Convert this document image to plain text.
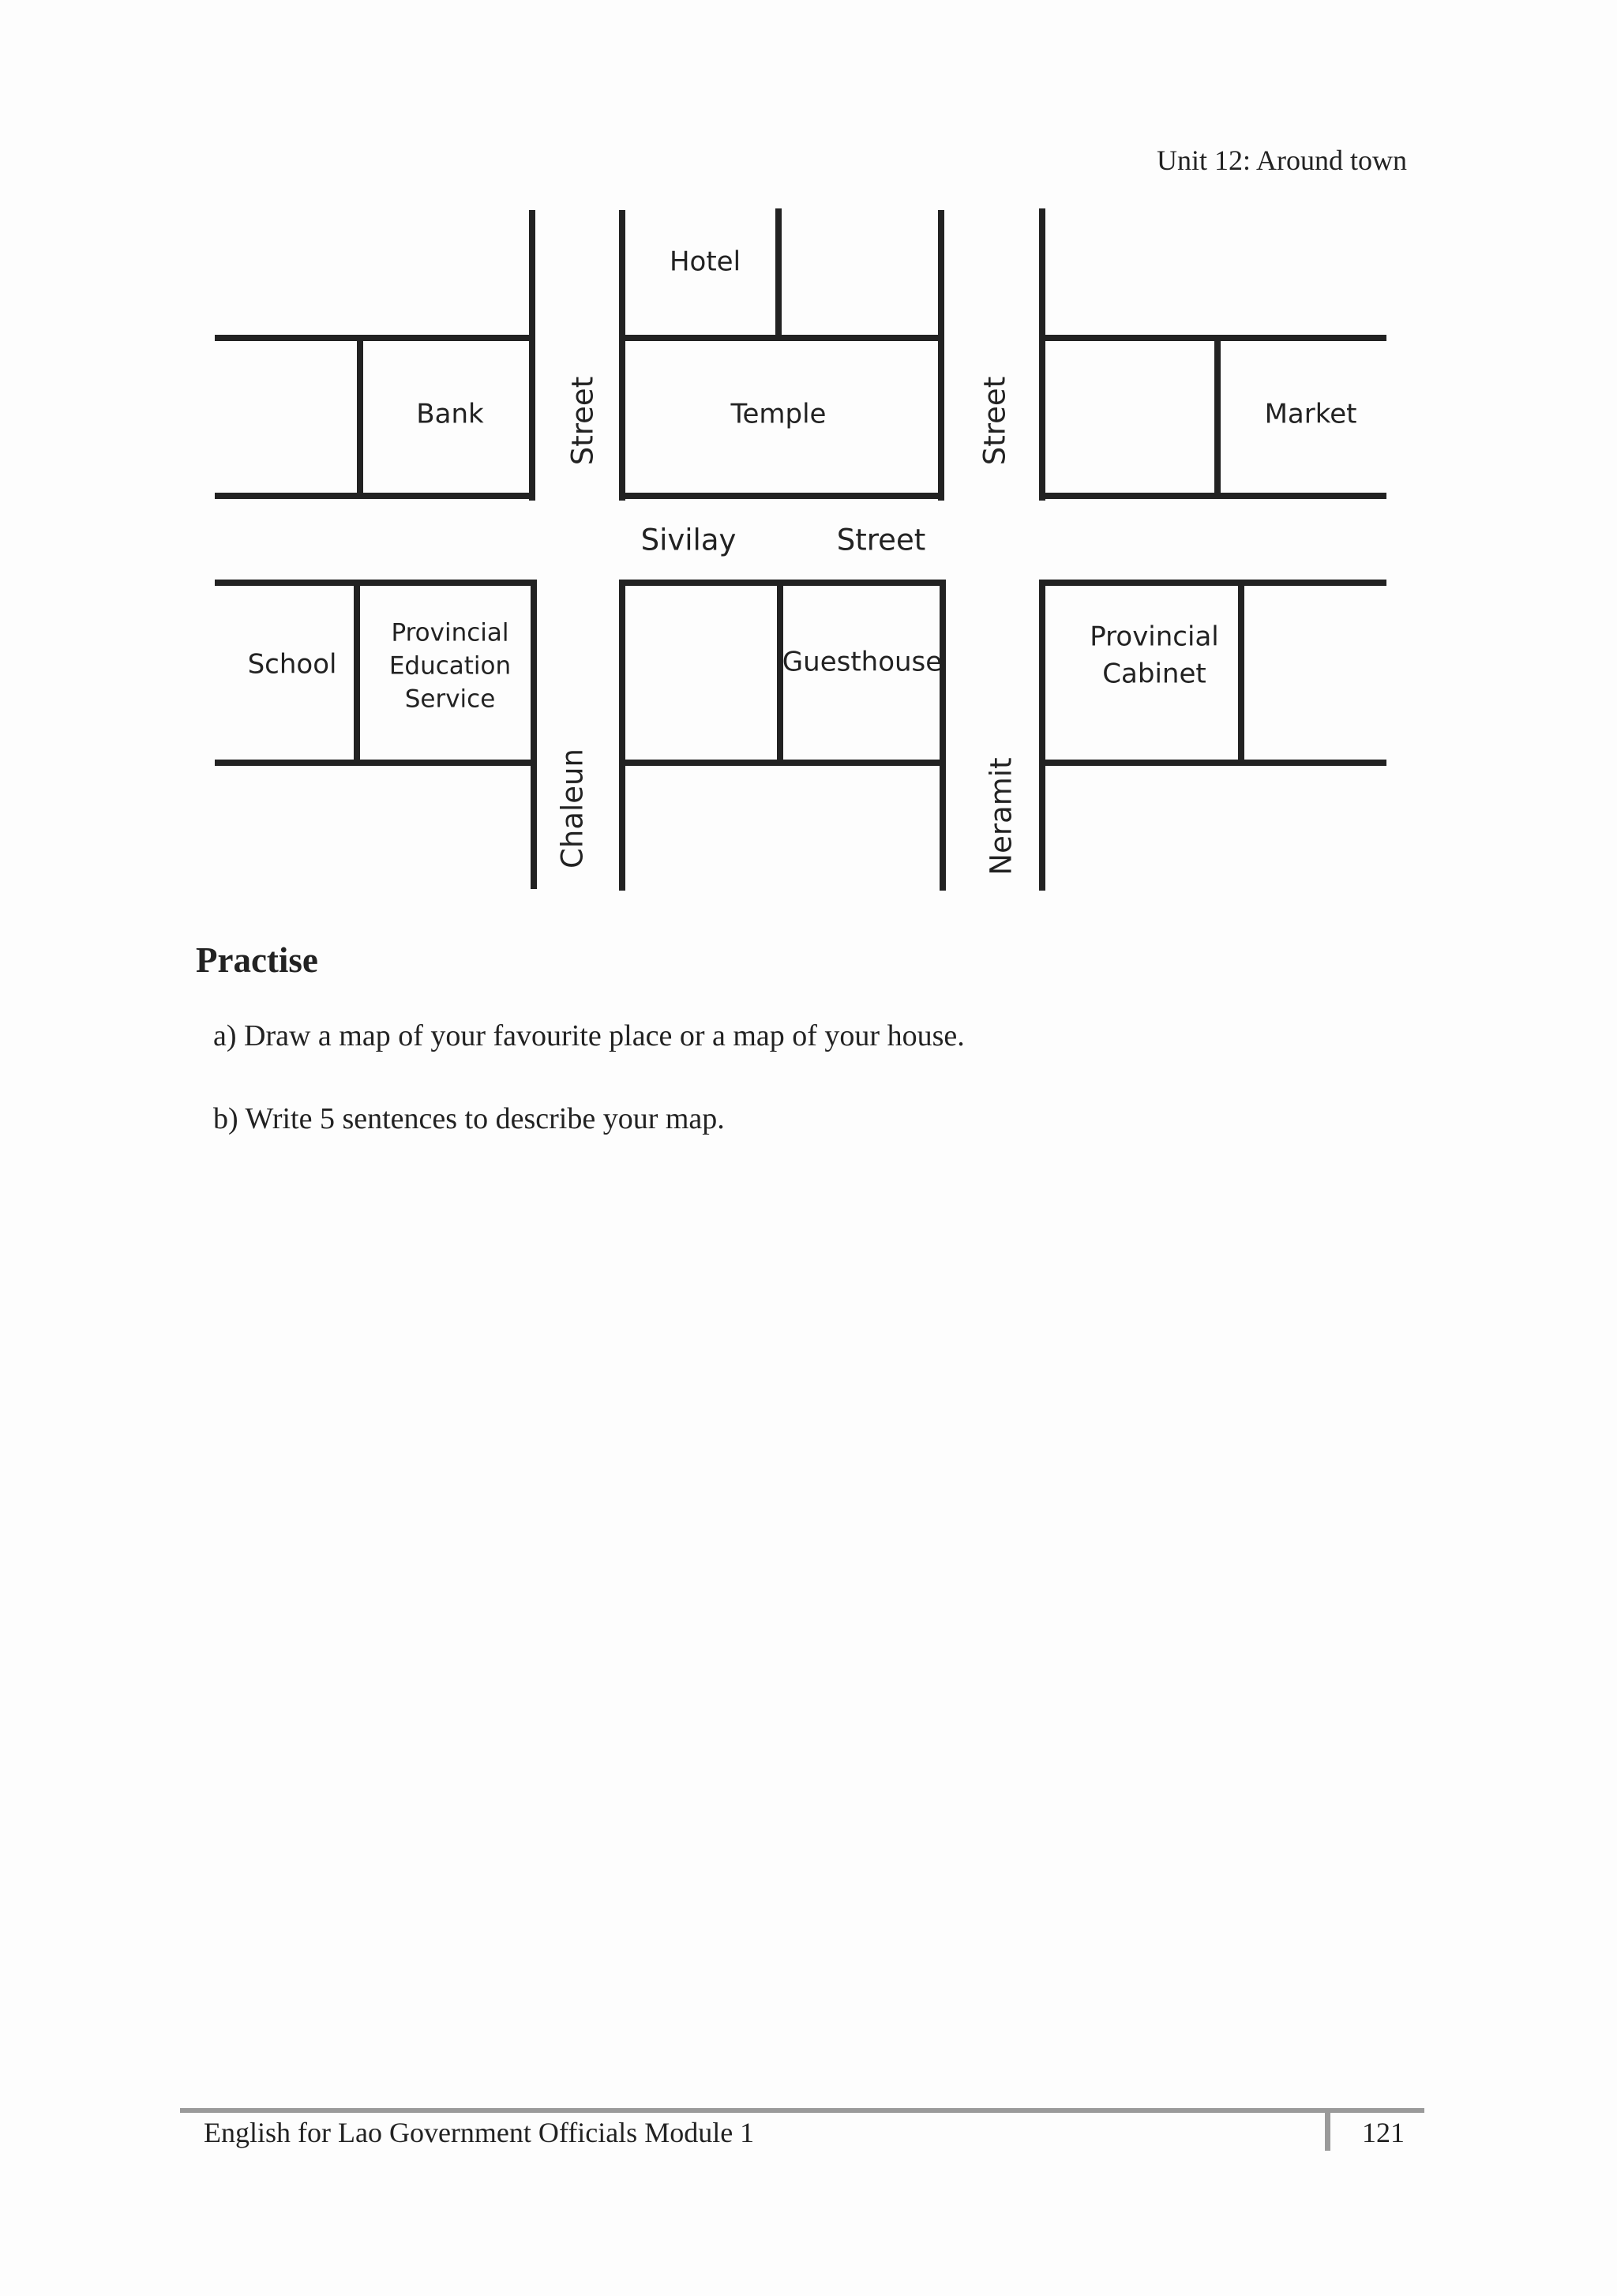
Unit 12: Around town
Hotel
Bank	Temple	Market
School
Provincial
Education
Service
Guesthouse
Provincial
Cabinet
Street	Street
Sivilay	Street
Chaleun	Neramit
Practise
a) Draw a map of your favourite place or a map of your house.
b) Write 5 sentences to describe your map.
English for Lao Government Officials Module 1	121
